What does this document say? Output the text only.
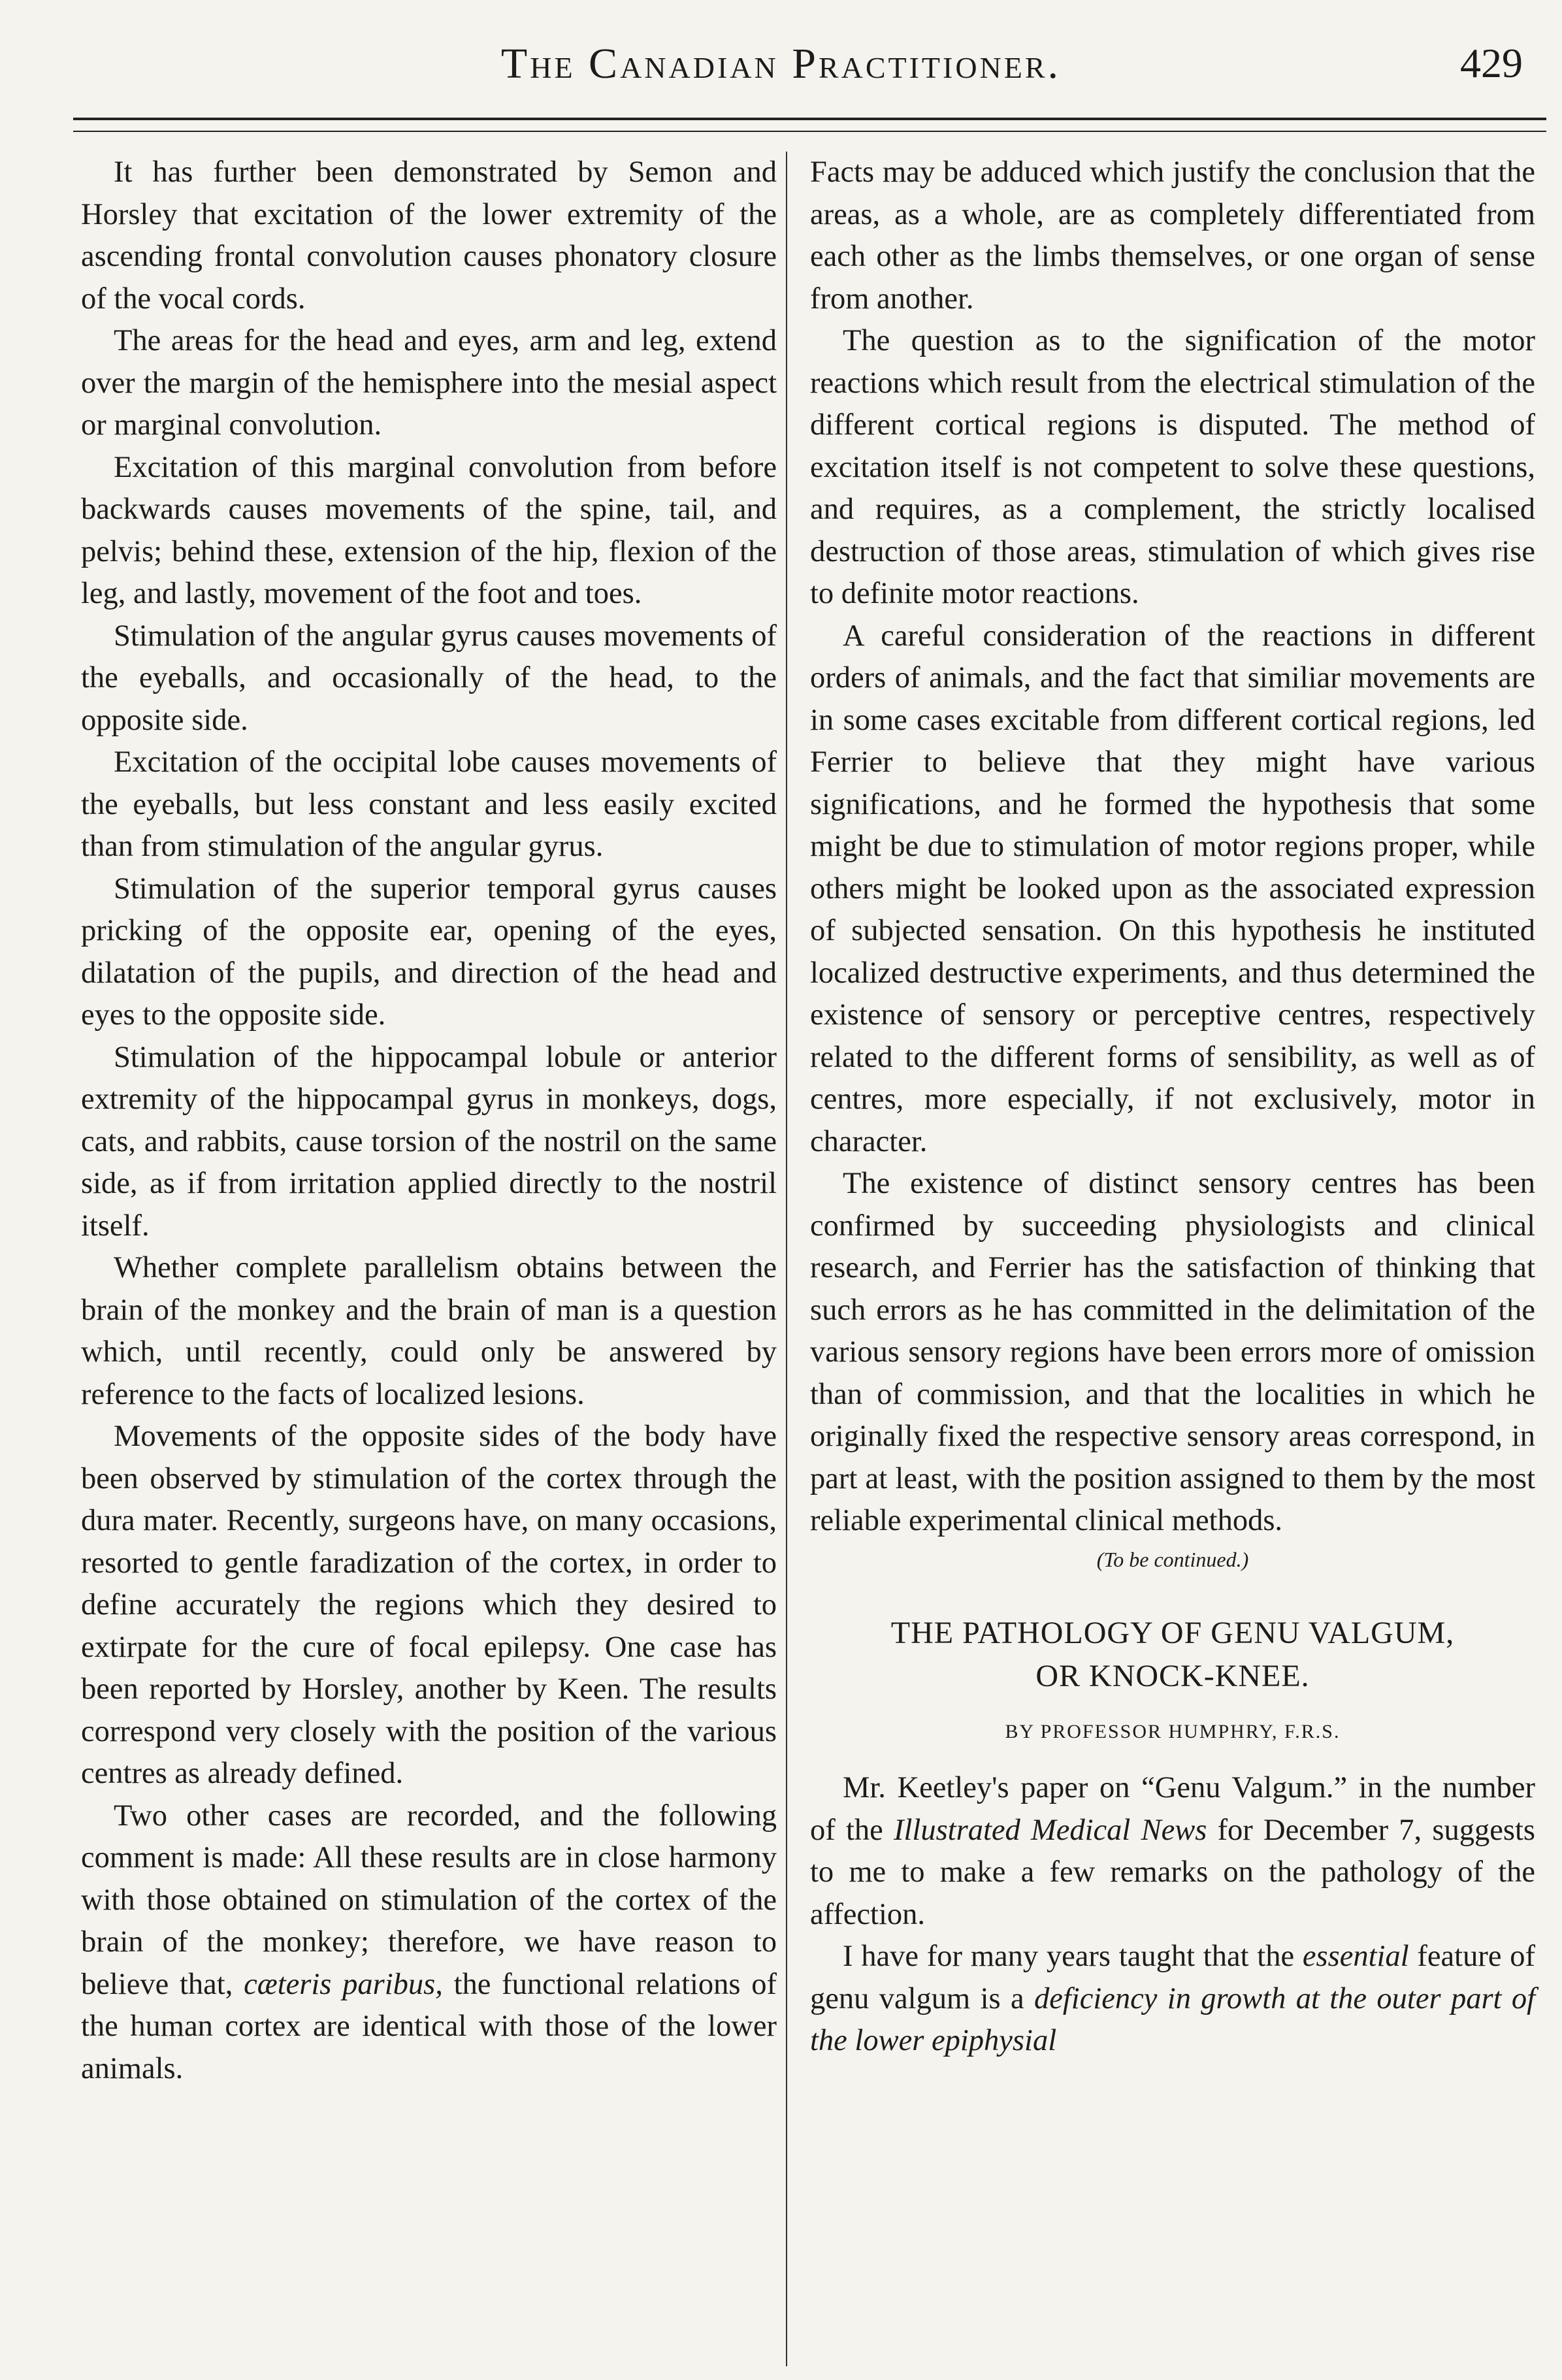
The Canadian Practitioner.	429

It has further been demonstrated by Semon and Horsley that excitation of the lower extremity of the ascending frontal convolution causes phonatory closure of the vocal cords.

The areas for the head and eyes, arm and leg, extend over the margin of the hemisphere into the mesial aspect or marginal convolution.

Excitation of this marginal convolution from before backwards causes movements of the spine, tail, and pelvis; behind these, extension of the hip, flexion of the leg, and lastly, movement of the foot and toes.

Stimulation of the angular gyrus causes movements of the eyeballs, and occasionally of the head, to the opposite side.

Excitation of the occipital lobe causes movements of the eyeballs, but less constant and less easily excited than from stimulation of the angular gyrus.

Stimulation of the superior temporal gyrus causes pricking of the opposite ear, opening of the eyes, dilatation of the pupils, and direction of the head and eyes to the opposite side.

Stimulation of the hippocampal lobule or anterior extremity of the hippocampal gyrus in monkeys, dogs, cats, and rabbits, cause torsion of the nostril on the same side, as if from irritation applied directly to the nostril itself.

Whether complete parallelism obtains between the brain of the monkey and the brain of man is a question which, until recently, could only be answered by reference to the facts of localized lesions.

Movements of the opposite sides of the body have been observed by stimulation of the cortex through the dura mater. Recently, surgeons have, on many occasions, resorted to gentle faradization of the cortex, in order to define accurately the regions which they desired to extirpate for the cure of focal epilepsy. One case has been reported by Horsley, another by Keen. The results correspond very closely with the position of the various centres as already defined.

Two other cases are recorded, and the following comment is made: All these results are in close harmony with those obtained on stimulation of the cortex of the brain of the monkey; therefore, we have reason to believe that, cæteris paribus, the functional relations of the human cortex are identical with those of the lower animals.

Facts may be adduced which justify the conclusion that the areas, as a whole, are as completely differentiated from each other as the limbs themselves, or one organ of sense from another.

The question as to the signification of the motor reactions which result from the electrical stimulation of the different cortical regions is disputed. The method of excitation itself is not competent to solve these questions, and requires, as a complement, the strictly localised destruction of those areas, stimulation of which gives rise to definite motor reactions.

A careful consideration of the reactions in different orders of animals, and the fact that similiar movements are in some cases excitable from different cortical regions, led Ferrier to believe that they might have various significations, and he formed the hypothesis that some might be due to stimulation of motor regions proper, while others might be looked upon as the associated expression of subjected sensation. On this hypothesis he instituted localized destructive experiments, and thus determined the existence of sensory or perceptive centres, respectively related to the different forms of sensibility, as well as of centres, more especially, if not exclusively, motor in character.

The existence of distinct sensory centres has been confirmed by succeeding physiologists and clinical research, and Ferrier has the satisfaction of thinking that such errors as he has committed in the delimitation of the various sensory regions have been errors more of omission than of commission, and that the localities in which he originally fixed the respective sensory areas correspond, in part at least, with the position assigned to them by the most reliable experimental clinical methods.

(To be continued.)
THE PATHOLOGY OF GENU VALGUM,
OR KNOCK-KNEE.
BY PROFESSOR HUMPHRY, F.R.S.

Mr. Keetley's paper on “Genu Valgum.” in the number of the Illustrated Medical News for December 7, suggests to me to make a few remarks on the pathology of the affection.

I have for many years taught that the essential feature of genu valgum is a deficiency in growth at the outer part of the lower epiphysial
